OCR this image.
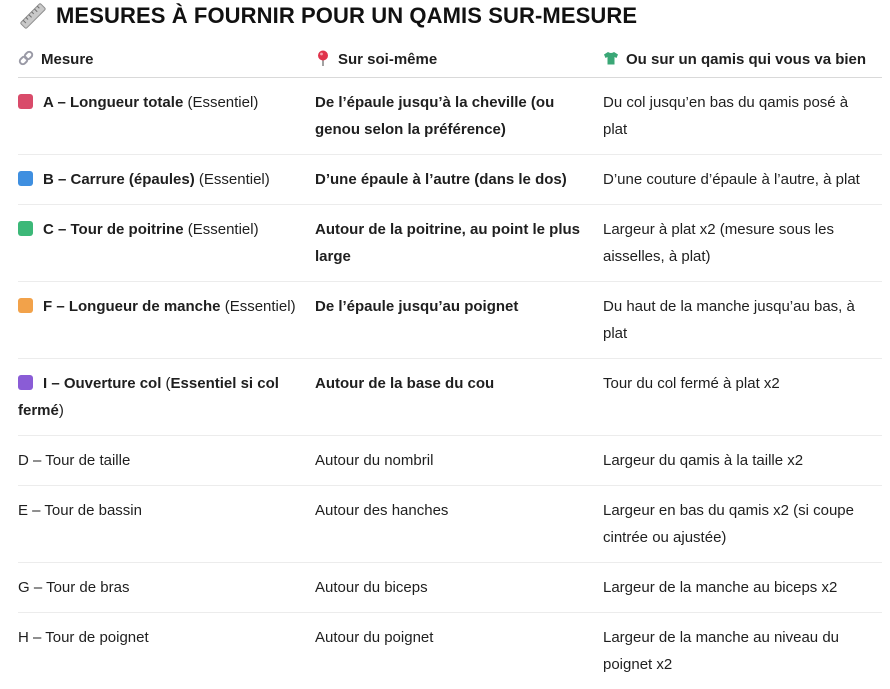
MESURES À FOURNIR POUR UN QAMIS SUR-MESURE
Mesure	Sur soi-même	Ou sur un qamis qui vous va bien
A – Longueur totale (Essentiel)	De l’épaule jusqu’à la cheville (ou genou selon la préférence)	Du col jusqu’en bas du qamis posé à plat
B – Carrure (épaules) (Essentiel)	D’une épaule à l’autre (dans le dos)	D’une couture d’épaule à l’autre, à plat
C – Tour de poitrine (Essentiel)	Autour de la poitrine, au point le plus large	Largeur à plat x2 (mesure sous les aisselles, à plat)
F – Longueur de manche (Essentiel)	De l’épaule jusqu’au poignet	Du haut de la manche jusqu’au bas, à plat
I – Ouverture col (Essentiel si col fermé)	Autour de la base du cou	Tour du col fermé à plat x2
D – Tour de taille	Autour du nombril	Largeur du qamis à la taille x2
E – Tour de bassin	Autour des hanches	Largeur en bas du qamis x2 (si coupe cintrée ou ajustée)
G – Tour de bras	Autour du biceps	Largeur de la manche au biceps x2
H – Tour de poignet	Autour du poignet	Largeur de la manche au niveau du poignet x2
